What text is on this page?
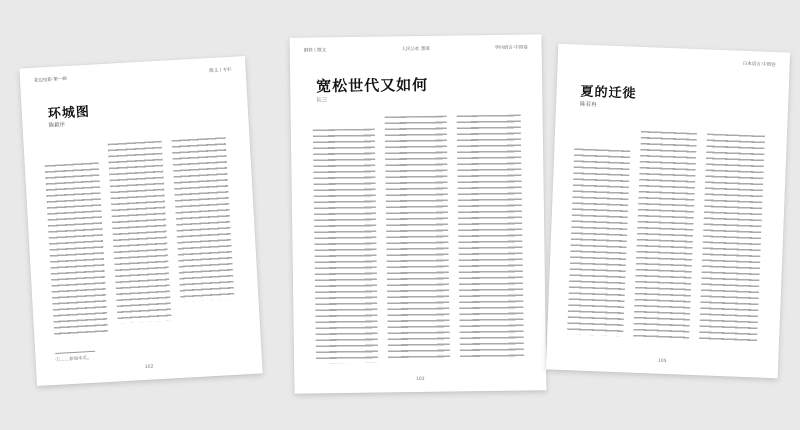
花边电影·第一辑
散文丨专栏
环城图
陈毅序
①……参阅本页。
102
钢铁丨散文	人民公社 墨迹	学问语言·中国卷
宽松世代又如何
长三
103
日本语言·中国卷
夏的迁徙
陈若冉
105
